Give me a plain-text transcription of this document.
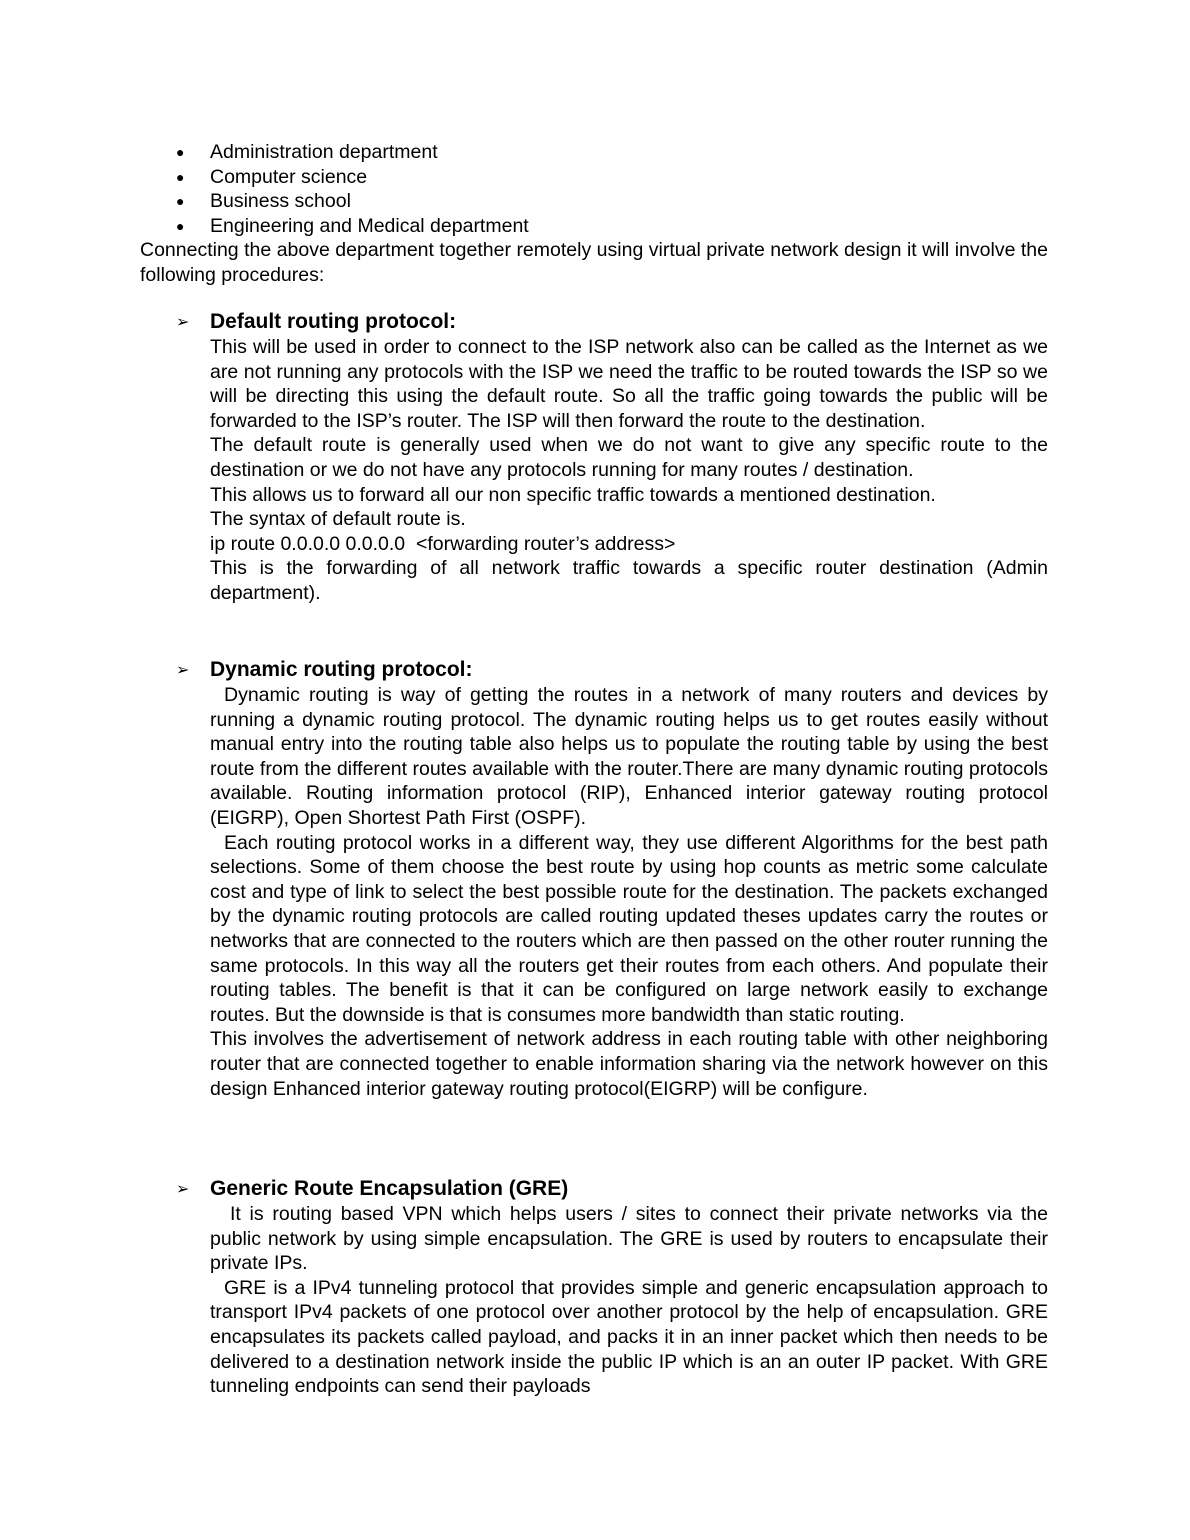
● Administration department
● Computer science
● Business school
● Engineering and Medical department

Connecting the above department together remotely using virtual private network design it will involve the following procedures:

➢ Default routing protocol:

This will be used in order to connect to the ISP network also can be called as the Internet as we are not running any protocols with the ISP we need the traffic to be routed towards the ISP so we will be directing this using the default route. So all the traffic going towards the public will be forwarded to the ISP’s router. The ISP will then forward the route to the destination.

The default route is generally used when we do not want to give any specific route to the destination or we do not have any protocols running for many routes / destination.

This allows us to forward all our non specific traffic towards a mentioned destination.

The syntax of default route is.

ip route 0.0.0.0 0.0.0.0  <forwarding router’s address>

This is the forwarding of all network traffic towards a specific router destination (Admin department).

➢ Dynamic routing protocol:

Dynamic routing is way of getting the routes in a network of many routers and devices by running a dynamic routing protocol. The dynamic routing helps us to get routes easily without manual entry into the routing table also helps us to populate the routing table by using the best route from the different routes available with the router.There are many dynamic routing protocols available. Routing information protocol (RIP), Enhanced interior gateway routing protocol (EIGRP), Open Shortest Path First (OSPF).

Each routing protocol works in a different way, they use different Algorithms for the best path selections. Some of them choose the best route by using hop counts as metric some calculate cost and type of link to select the best possible route for the destination. The packets exchanged by the dynamic routing protocols are called routing updated theses updates carry the routes or networks that are connected to the routers which are then passed on the other router running the same protocols. In this way all the routers get their routes from each others. And populate their routing tables. The benefit is that it can be configured on large network easily to exchange routes. But the downside is that is consumes more bandwidth than static routing.

This involves the advertisement of network address in each routing table with other neighboring router that are connected together to enable information sharing via the network however on this design Enhanced interior gateway routing protocol(EIGRP) will be configure.

➢ Generic Route Encapsulation (GRE)

It is routing based VPN which helps users / sites to connect their private networks via the public network by using simple encapsulation. The GRE is used by routers to encapsulate their private IPs.

GRE is a IPv4 tunneling protocol that provides simple and generic encapsulation approach to transport IPv4 packets of one protocol over another protocol by the help of encapsulation. GRE encapsulates its packets called payload, and packs it in an inner packet which then needs to be delivered to a destination network inside the public IP which is an an outer IP packet. With GRE tunneling endpoints can send their payloads
